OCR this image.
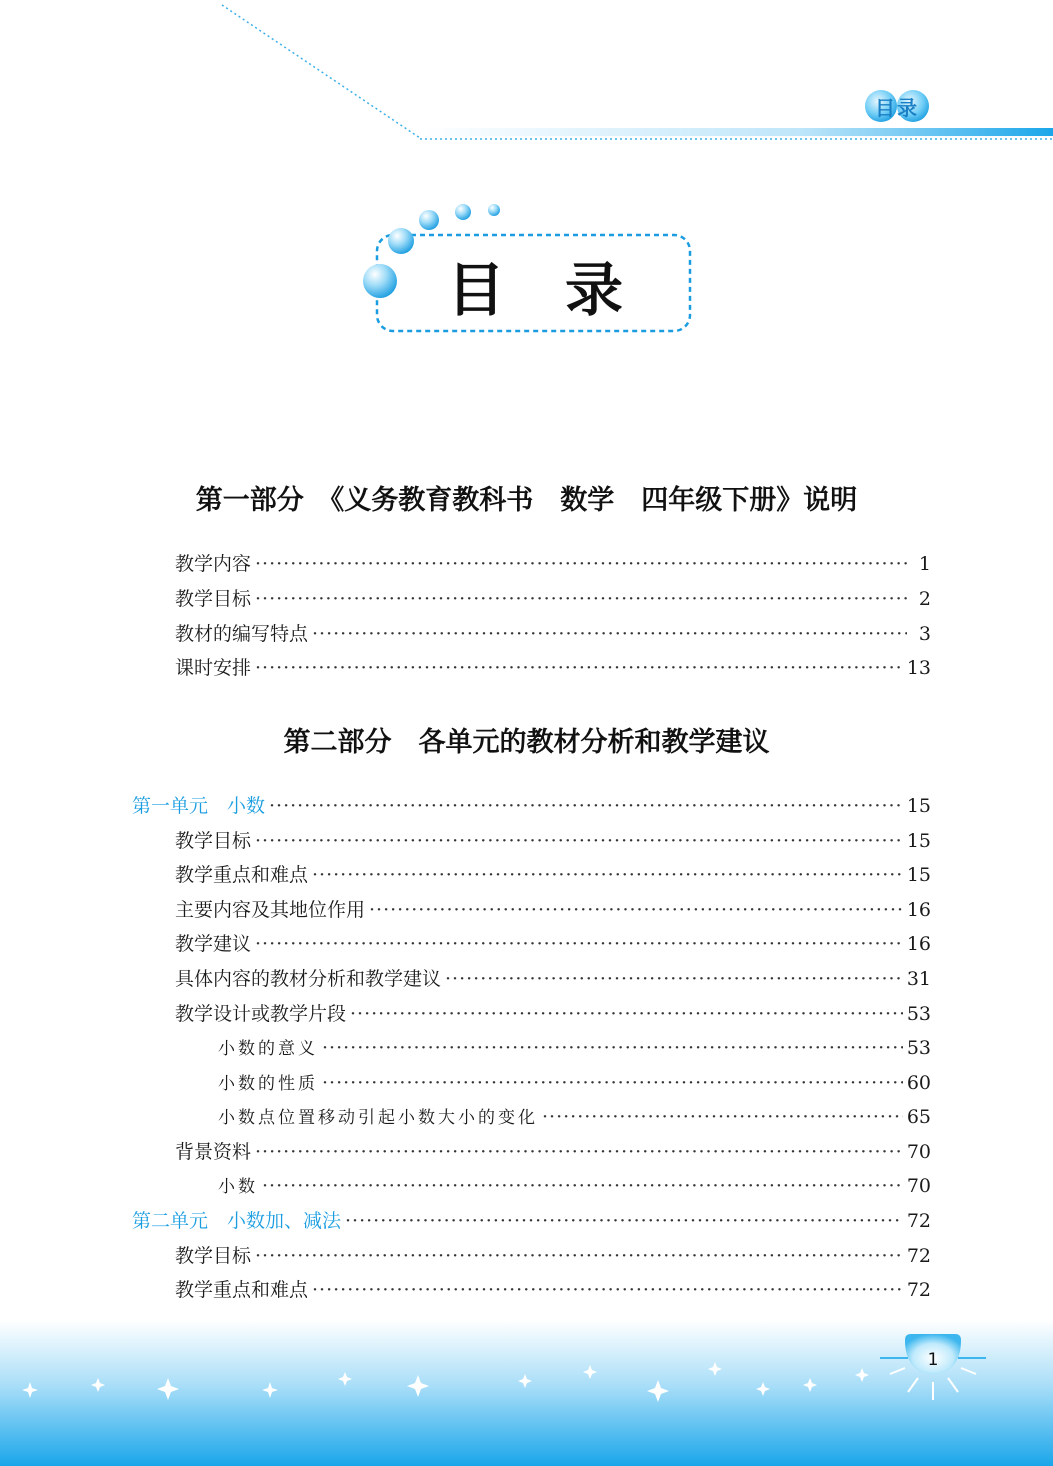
目录
目录
第一部分　《义务教育教科书　数学　四年级下册》说明
教学内容 ·····	1
教学目标 ·····	2
教材的编写特点 ·····	3
课时安排 ·····	13
第二部分　各单元的教材分析和教学建议
第一单元　小数 ·····	15
教学目标 ·····	15
教学重点和难点 ·····	15
主要内容及其地位作用 ·····	16
教学建议 ·····	16
具体内容的教材分析和教学建议 ·····	31
教学设计或教学片段 ·····	53
小数的意义 ·····	53
小数的性质 ·····	60
小数点位置移动引起小数大小的变化 ·····	65
背景资料 ·····	70
小数 ·····	70
第二单元　小数加、减法 ·····	72
教学目标 ·····	72
教学重点和难点 ·····	72
1
